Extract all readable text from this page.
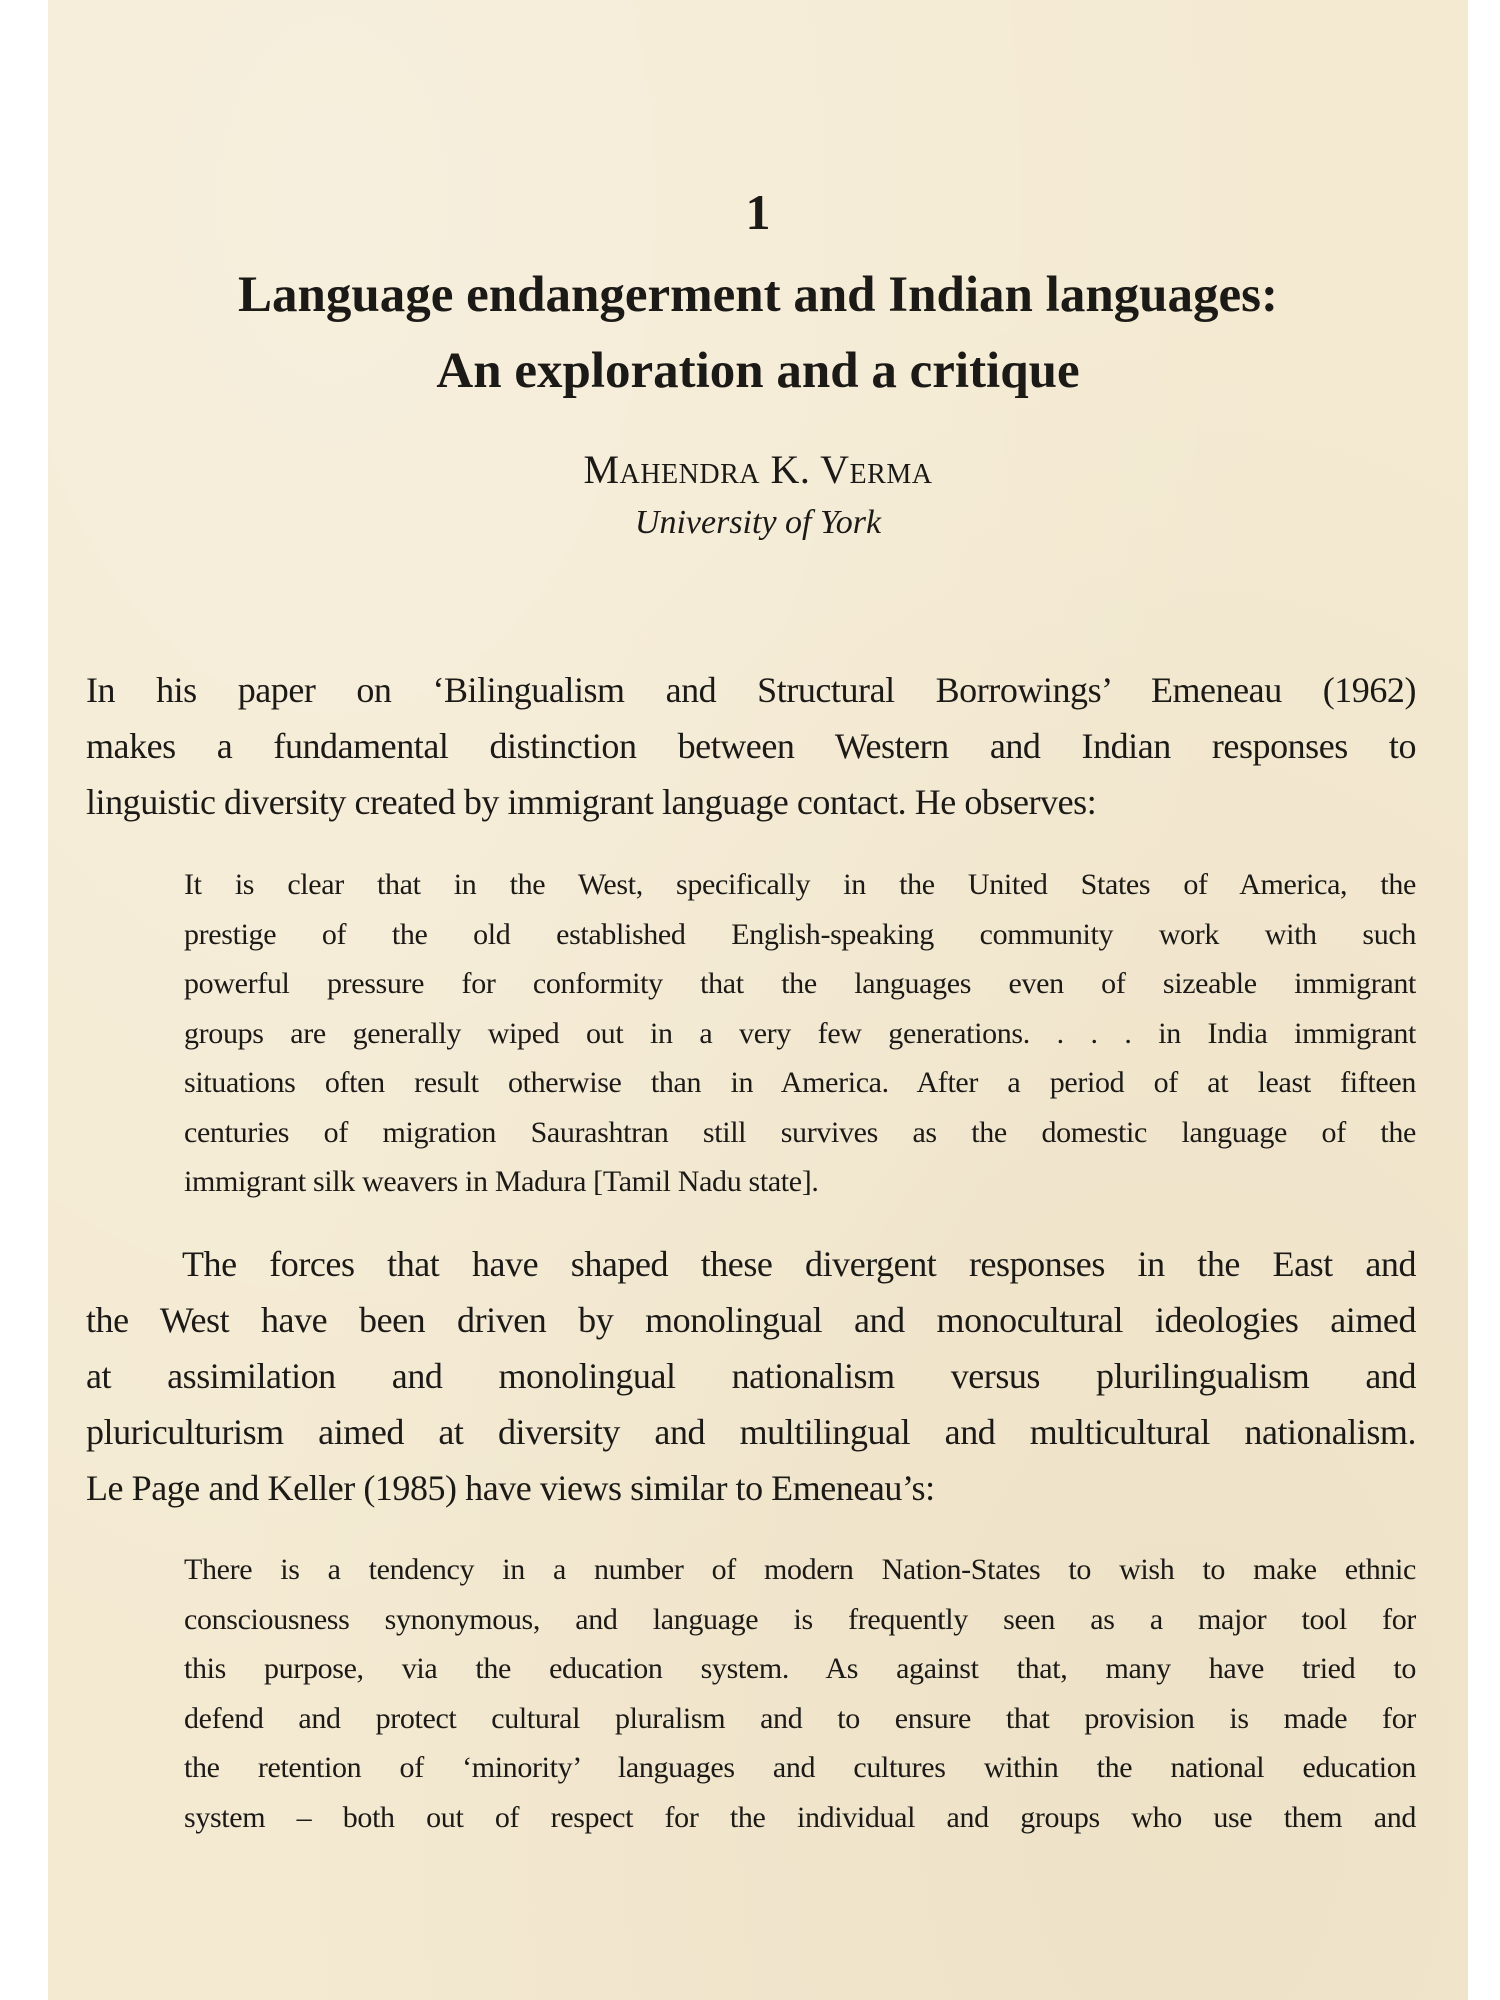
1
Language endangerment and Indian languages:
An exploration and a critique
Mahendra K. Verma
University of York
In his paper on ‘Bilingualism and Structural Borrowings’ Emeneau (1962)
makes a fundamental distinction between Western and Indian responses to
linguistic diversity created by immigrant language contact. He observes:
It is clear that in the West, specifically in the United States of America, the
prestige of the old established English-speaking community work with such
powerful pressure for conformity that the languages even of sizeable immigrant
groups are generally wiped out in a very few generations. . . . in India immigrant
situations often result otherwise than in America. After a period of at least fifteen
centuries of migration Saurashtran still survives as the domestic language of the
immigrant silk weavers in Madura [Tamil Nadu state].
The forces that have shaped these divergent responses in the East and
the West have been driven by monolingual and monocultural ideologies aimed
at assimilation and monolingual nationalism versus plurilingualism and
pluriculturism aimed at diversity and multilingual and multicultural nationalism.
Le Page and Keller (1985) have views similar to Emeneau’s:
There is a tendency in a number of modern Nation-States to wish to make ethnic
consciousness synonymous, and language is frequently seen as a major tool for
this purpose, via the education system. As against that, many have tried to
defend and protect cultural pluralism and to ensure that provision is made for
the retention of ‘minority’ languages and cultures within the national education
system – both out of respect for the individual and groups who use them and
